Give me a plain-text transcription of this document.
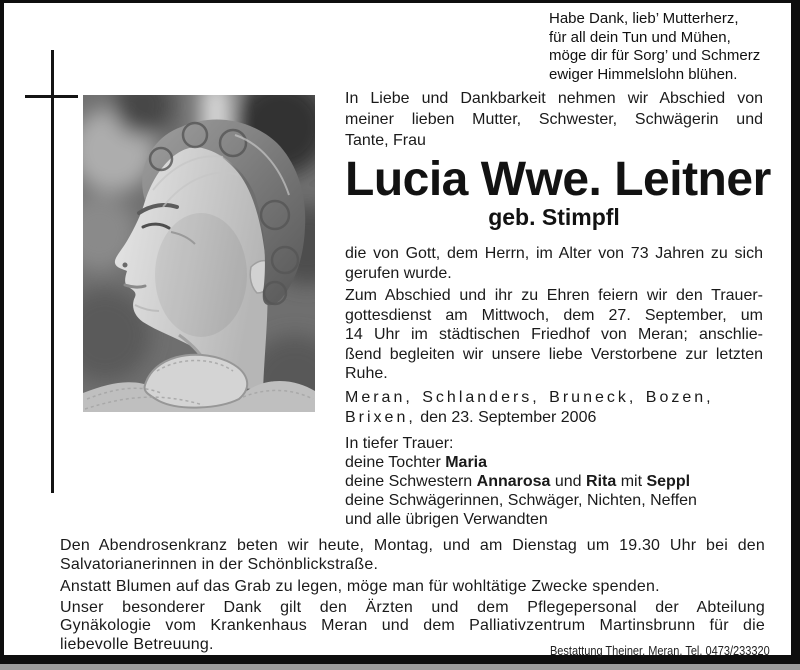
Habe Dank, lieb’ Mutterherz,
für all dein Tun und Mühen,
möge dir für Sorg’ und Schmerz
ewiger Himmelslohn blühen.
In Liebe und Dankbarkeit nehmen wir Abschied von
meiner lieben Mutter, Schwester, Schwägerin und
Tante, Frau
Lucia Wwe. Leitner
geb. Stimpfl
die von Gott, dem Herrn, im Alter von 73 Jahren zu sich
gerufen wurde.
Zum Abschied und ihr zu Ehren feiern wir den Trauer-
gottesdienst am Mittwoch, dem 27. September, um
14 Uhr im städtischen Friedhof von Meran; anschlie-
ßend begleiten wir unsere liebe Verstorbene zur letzten
Ruhe.
Meran, Schlanders, Bruneck, Bozen,
Brixen, den 23. September 2006
In tiefer Trauer:
deine Tochter Maria
deine Schwestern Annarosa und Rita mit Seppl
deine Schwägerinnen, Schwäger, Nichten, Neffen
und alle übrigen Verwandten
Den Abendrosenkranz beten wir heute, Montag, und am Dienstag um 19.30 Uhr bei den
Salvatorianerinnen in der Schönblickstraße.
Anstatt Blumen auf das Grab zu legen, möge man für wohltätige Zwecke spenden.
Unser besonderer Dank gilt den Ärzten und dem Pflegepersonal der Abteilung
Gynäkologie vom Krankenhaus Meran und dem Palliativzentrum Martinsbrunn für die
liebevolle Betreuung.	Bestattung Theiner, Meran, Tel. 0473/233320
